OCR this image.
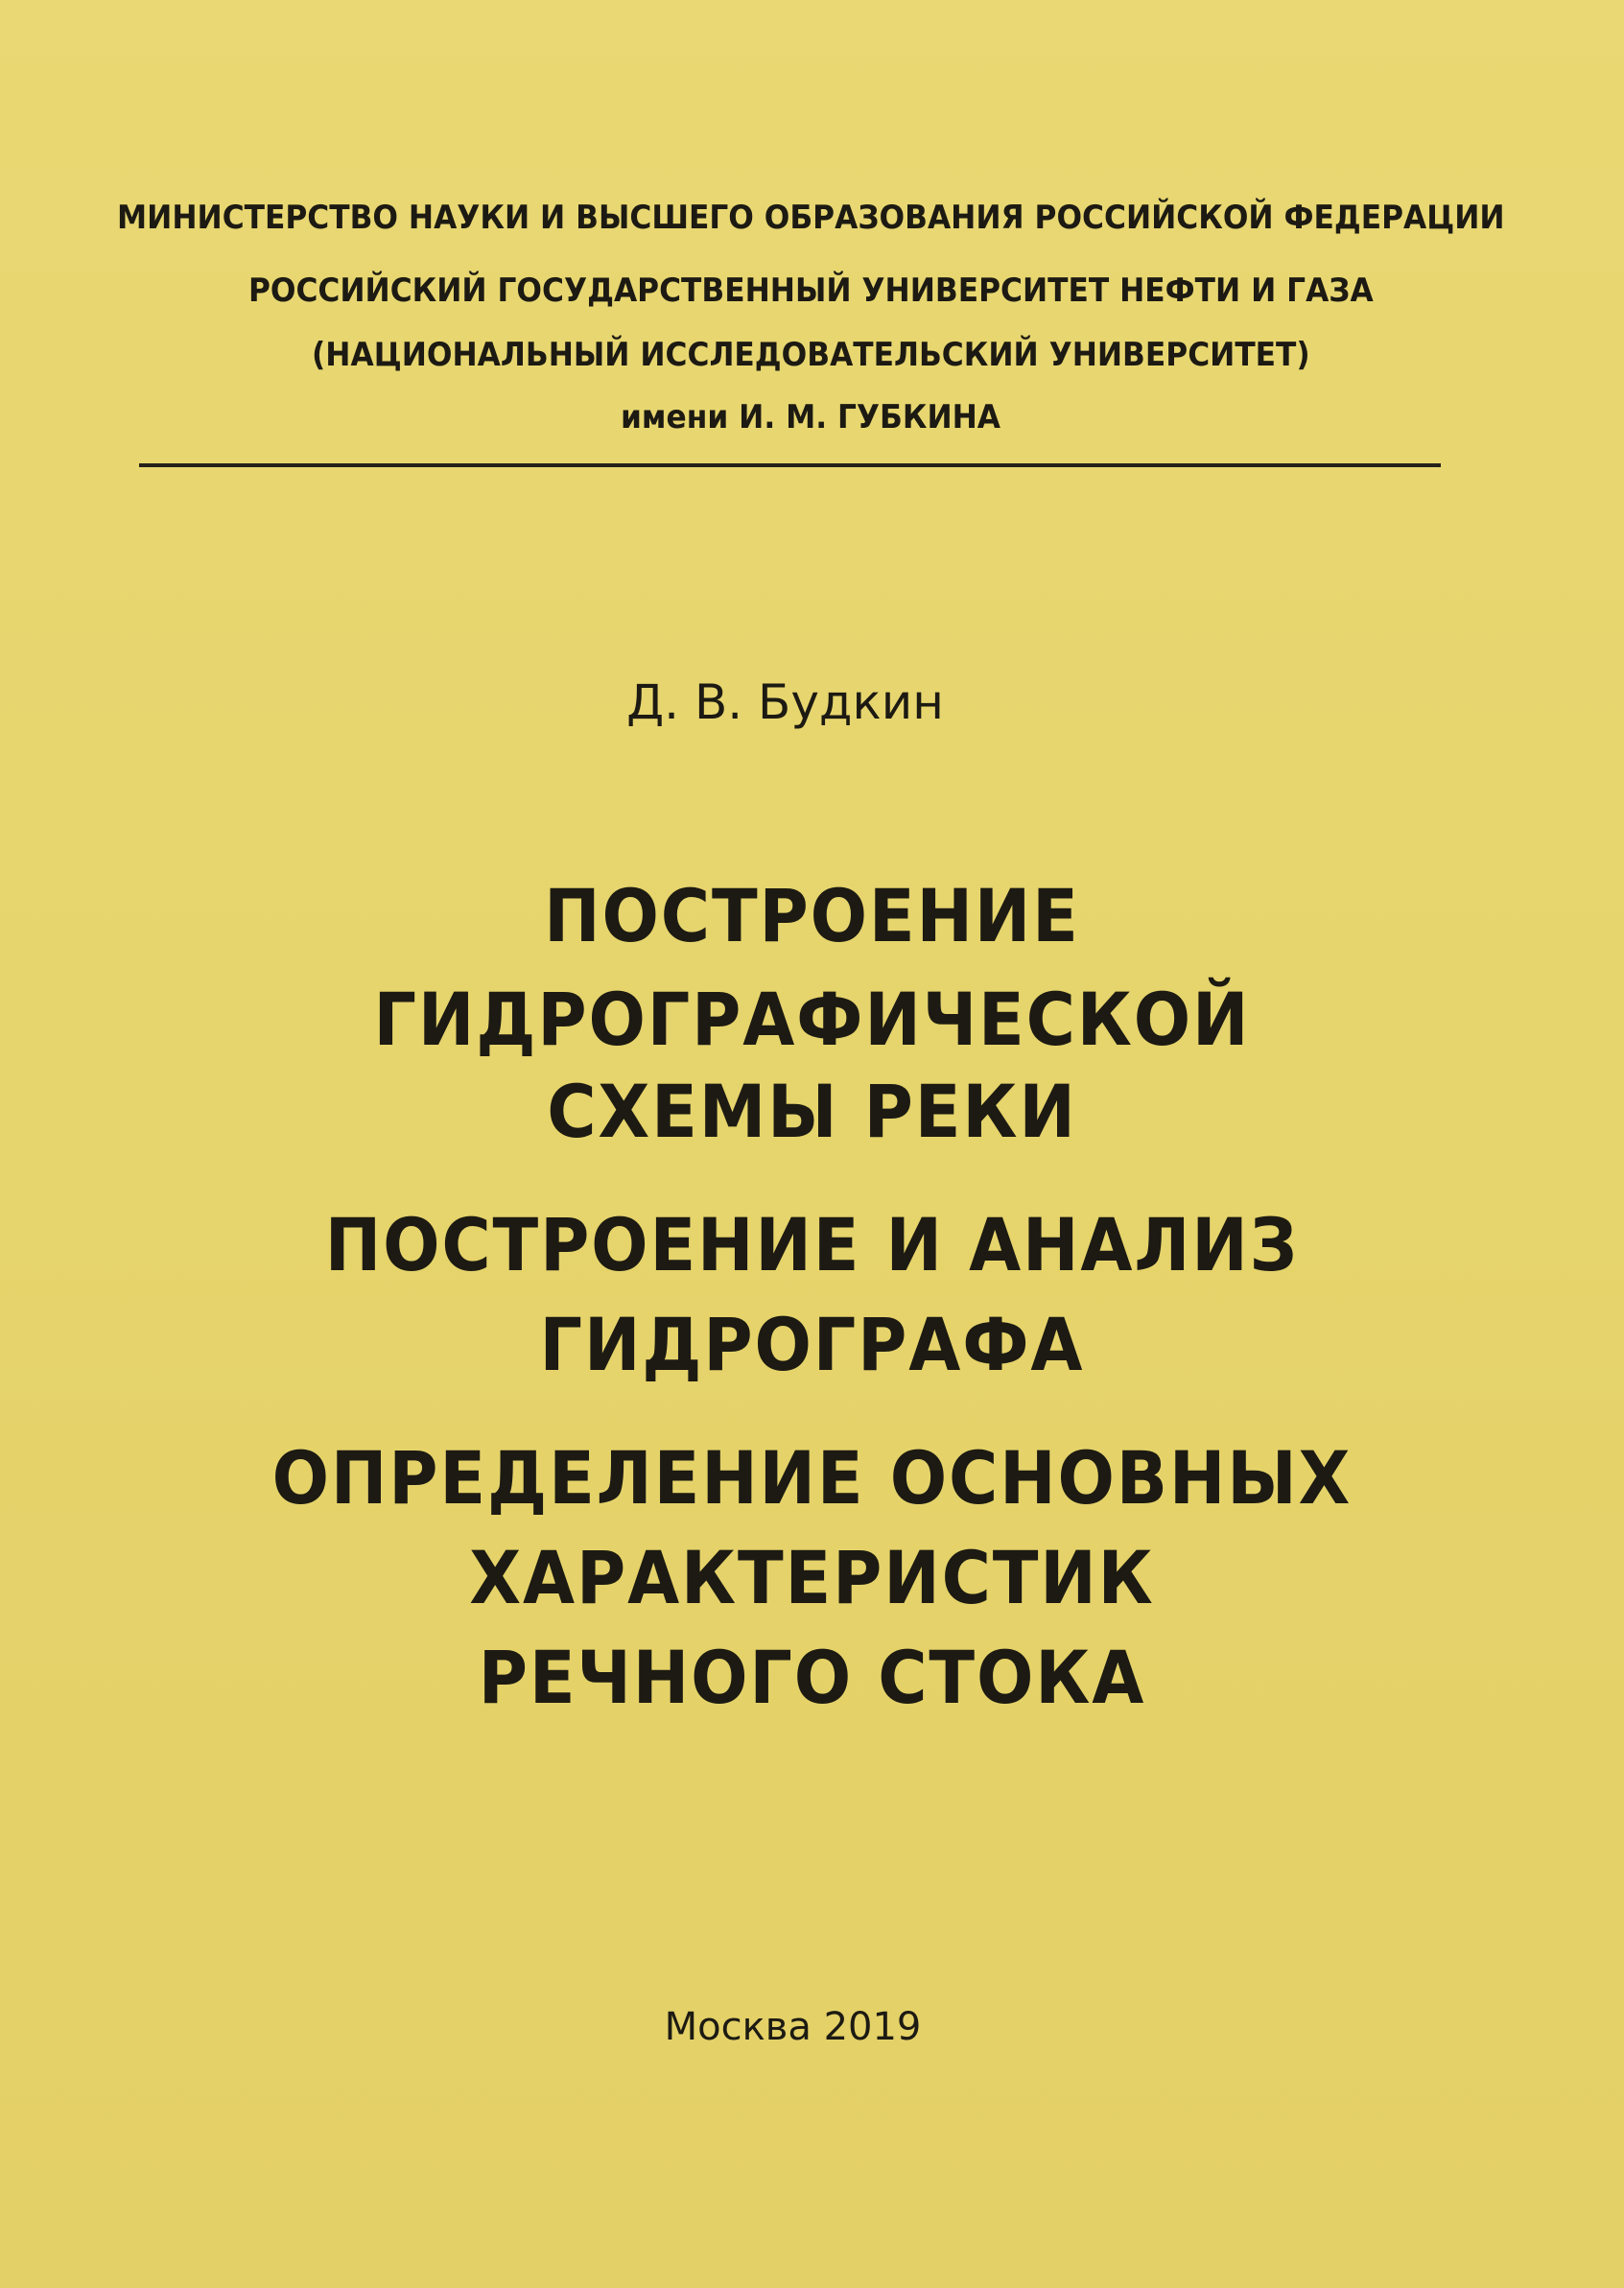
МИНИСТЕРСТВО НАУКИ И ВЫСШЕГО ОБРАЗОВАНИЯ РОССИЙСКОЙ ФЕДЕРАЦИИ

РОССИЙСКИЙ ГОСУДАРСТВЕННЫЙ УНИВЕРСИТЕТ НЕФТИ И ГАЗА

(НАЦИОНАЛЬНЫЙ ИССЛЕДОВАТЕЛЬСКИЙ УНИВЕРСИТЕТ)

имени И. М. ГУБКИНА

Д. В. Будкин

ПОСТРОЕНИЕ

ГИДРОГРАФИЧЕСКОЙ

СХЕМЫ РЕКИ

ПОСТРОЕНИЕ И АНАЛИЗ

ГИДРОГРАФА

ОПРЕДЕЛЕНИЕ ОСНОВНЫХ

ХАРАКТЕРИСТИК

РЕЧНОГО СТОКА

Москва 2019
